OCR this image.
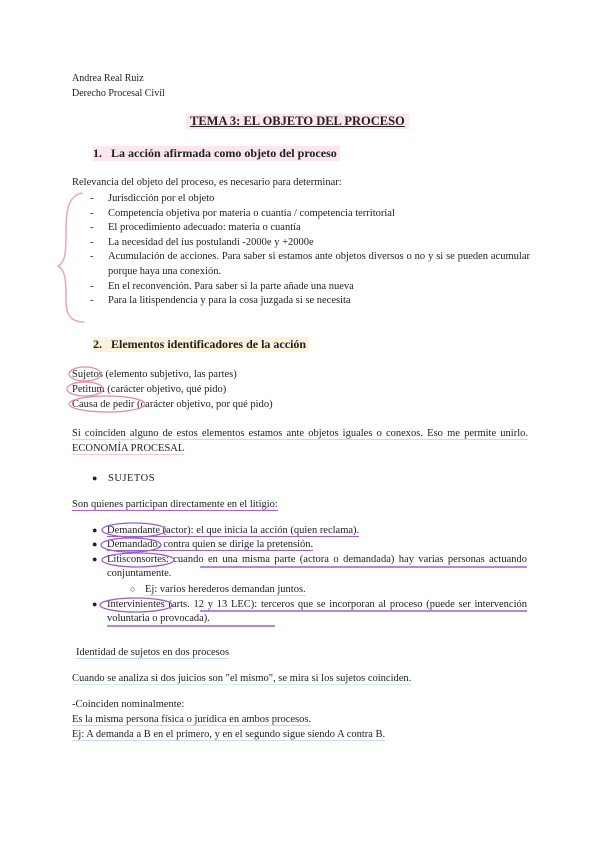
Andrea Real Ruiz
Derecho Procesal Civil
TEMA 3: EL OBJETO DEL PROCESO
1. La acción afirmada como objeto del proceso
Relevancia del objeto del proceso, es necesario para determinar:
- Jurisdicción por el objeto
- Competencia objetiva por materia o cuantía / competencia territorial
- El procedimiento adecuado: materia o cuantía
- La necesidad del ius postulandi -2000e y +2000e
- Acumulación de acciones. Para saber si estamos ante objetos diversos o no y si se pueden acumular porque haya una conexión.
- En el reconvención. Para saber si la parte añade una nueva
- Para la litispendencia y para la cosa juzgada si se necesita
2. Elementos identificadores de la acción
Sujetos (elemento subjetivo, las partes)
Petitum (carácter objetivo, qué pido)
Causa de pedir (carácter objetivo, por qué pido)
Si coinciden alguno de estos elementos estamos ante objetos iguales o conexos. Eso me permite unirlo. ECONOMÍA PROCESAL
● SUJETOS
Son quienes participan directamente en el litigio:
● Demandante (actor): el que inicia la acción (quien reclama).
● Demandado: contra quien se dirige la pretensión.
● Litisconsortes: cuando en una misma parte (actora o demandada) hay varias personas actuando conjuntamente.
○ Ej: varios herederos demandan juntos.
● Intervinientes (arts. 12 y 13 LEC): terceros que se incorporan al proceso (puede ser intervención voluntaria o provocada).
Identidad de sujetos en dos procesos
Cuando se analiza si dos juicios son "el mismo", se mira si los sujetos coinciden.
-Coinciden nominalmente:
Es la misma persona física o jurídica en ambos procesos.
Ej: A demanda a B en el primero, y en el segundo sigue siendo A contra B.
